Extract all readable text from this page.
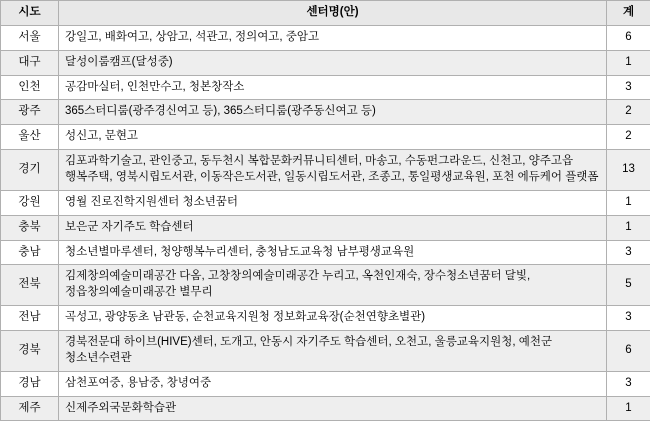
시도	센터명(안)	계
서울	강일고, 배화여고, 상암고, 석관고, 정의여고, 중암고	6
대구	달성이룸캠프(달성중)	1
인천	공감마실터, 인천만수고, 청본창작소	3
광주	365스터디룸(광주경신여고 등), 365스터디룸(광주동신여고 등)	2
울산	성신고, 문현고	2
경기	김포과학기술고, 관인중고, 동두천시 복합문화커뮤니티센터, 마송고, 수동펀그라운드, 신천고, 양주고읍 행복주택, 영북시립도서관, 이동작은도서관, 일동시립도서관, 조종고, 통일평생교육원, 포천 에듀케어 플랫폼	13
강원	영월 진로진학지원센터 청소년꿈터	1
충북	보은군 자기주도 학습센터	1
충남	청소년별마루센터, 청양행복누리센터, 충청남도교육청 남부평생교육원	3
전북	김제창의예술미래공간 다옴, 고창창의예술미래공간 누리고, 옥천인재숙, 장수청소년꿈터 달빛, 정읍창의예술미래공간 별무리	5
전남	곡성고, 광양동초 남관동, 순천교육지원청 정보화교육장(순천연향초별관)	3
경북	경북전문대 하이브(HIVE)센터, 도개고, 안동시 자기주도 학습센터, 오천고, 울릉교육지원청, 예천군 청소년수련관	6
경남	삼천포여중, 용남중, 창녕여중	3
제주	신제주외국문화학습관	1
